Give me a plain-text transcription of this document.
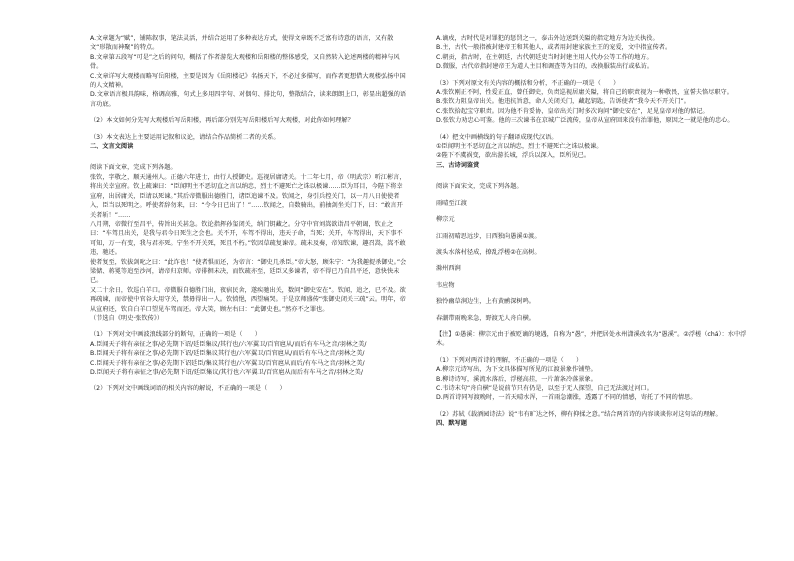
A.文章题为“赋”，铺陈叙事，笔法灵活，并结合运用了多种表达方式，使得文章既不乏富有诗意的语言，又有散文“形散而神聚”的特点。

B.文章第五段写“可是”之后的问句，概括了作者游览大观楼和岳阳楼的整体感受，又自然转入论述两楼的精神与风骨。

C.文章详写大观楼而略写岳阳楼，主要是因为《岳阳楼记》名扬天下，不必过多描写，而作者更想借大观楼弘扬中国的人文精神。

D.文章语言极具韵味，格调高雅，句式上多用四字句、对偶句、排比句，整散结合，读来朗朗上口，彰显出超强的语言功底。

（2）本文如何分先写大观楼后写岳阳楼，再后部分别先写岳阳楼后写大观楼，对此你如何理解？

（3）本文表达上主要运用记叙和议论，请结合作品简析二者的关系。

二、文言文阅读

阅读下面文章，完成下列各题。

张钦，字敬之，顺天通州人。正德六年进士，由行人授御史。巡视居庸诸关。十二年七月，帝（明武宗）听江彬言，将出关幸宣府。钦上疏谏曰：“臣闻明主不恶切直之言以纳忠，烈士不避死亡之诛以极谏……臣为耳目，今陛下将幸宣府，出居庸关，臣请以死谏。”其后帝微服出德胜门，诸臣追谏不及。钦闻之，身引兵控关门，以一月八日使使者入，臣当以死明之。呼使者辞勿来，曰：“令今日已出了！”……钦闻之，自数骑出，前抽剑坐关门下，曰：“敢言开关者斩！”……

八月朔，帝微行至昌平，传旨出关甚急。钦论指挥孙玺闭关，纳门钥藏之。分守中官刘嵩欲诣昌平朝谒，钦止之曰：“车驾且出关，是我与君今日死生之会也。关不开，车驾不得出，违天子命，当死；关开，车驾得出，天下事不可知，万一有变，我与君亦死。宁坐不开关死，死且不朽。”钦因草疏复谏帝。疏未及奏，帝知钦谏，趣召嵩，嵩不敢违，驰还。

使者复至，钦拔剑叱之曰：“此诈也！”使者惧而还，为帝言：“御史几杀臣。”帝大怒，顾朱宁：“为我趣捉杀御史。”会梁储、蒋冕等追至沙河，请帝归京师。帝徘徊未决，而钦疏亦至，廷臣又多谏者，帝不得已乃自昌平还，意快快未已。

又二十余日，钦巡白羊口。帝微服自德胜门出，夜宿民舍，遂疾驰出关，数问“御史安在”。钦闻，追之，已不及。欲再疏谏，而帝使中官谷大用守关，禁毋得出一人。钦愤悒，西望痛哭。于是京师盛传“张御史闭关三疏”云。明年，帝从宣府还，钦自白羊口望见车驾而还。帝大笑，顾左右曰：“此御史也。”然亦不之罪也。

（节选自《明史·张钦传》）

（1）下列对文中画波浪线部分的断句，正确的一项是（　　）

A.臣闻天子将有亲征之事/必先期下诏/廷臣集议/其行也/六军翼卫/百官扈从/而后有车马之音/羽林之美/

B.臣闻天子将有亲征之事/必先期下诏/廷臣集议其行也/六军翼卫/百官扈从/而后有车马之音/羽林之美/

C.臣闻天子将有亲征之事/必先期下诏廷臣/集议其行也/六军翼卫/百官扈从而后/有车马之音/羽林之美/

D.臣闻天子将有亲征之事/必先期下诏/廷臣集议/其行也六军翼卫/百官扈从而后有车马之音/羽林之美/

（2）下列对文中画线词语的相关内容的解说，不正确的一项是（　　）

A.谪戍，古时代是对罪犯的惩罚之一，泰击外边送到关隘的指定地方为边关执役。

B.主，古代一般指被封建帝王和其他人，或者用封建家族主王的宠爱，文中指宣传者。

C.朝贡，指古时，在主朝廷，古代朝廷吏当时封建主用人代办公等工作的地方。

D.微服，古代帝指封建帝王为道人主目和调查等为目的，改换服装出行或私访。

（3）下列对原文有关内容的概括和分析，不正确的一项是（　　）

A.张钦刚正不阿，性爱正直，曾任御史，负责巡视居庸关隘，将自己的职责视为一种敬畏，宣誓夫恪尽职守。

B.张钦力阻皇帝出关。他违抗旨意，命人关闭关门，藏起钥匙，告诉使者“我今天不开关门”。

C.张钦拾起宝守职责。因为他不肯妥协，皇帝出关门时多次询问“御史安在”，足见皇帝对他的惦记。

D.张钦力劝忠心可鉴。他的三次谏书在京城广泛流传，皇帝从宣府回来没有治罪他，原因之一就是他的忠心。

（4）把文中画横线的句子翻译成现代汉语。

①臣闻明主不恶切直之言以纳忠，烈士不避死亡之诛以极谏。

②陛下不虞祸变，欲出游长城，浮兵以深入，臣所见已。

三、古诗词鉴赏

阅读下面宋文，完成下列各题。

雨晴至江渡

柳宗元

江雨初晴思远步，日西独向愚溪①渡。

渡头水落村径成，撩乱浮槎②在高树。

滁州西涧

韦应物

独怜幽草涧边生，上有黄鹂深树鸣。

春潮带雨晚来急，野渡无人舟自横。

【注】①愚溪：柳宗元由于被贬谪的境遇，自称为“愚”，并把居处永州潇溪改名为“愚溪”。②浮槎（chá）：水中浮木。

（1）下列对两首诗的理解，不正确的一项是（　　）

A.柳宗元诗写出，为下文具体描写所见的江渡景象作铺垫。

B.柳诗诗写，溪流水落后，浮槎高挂，一片萧条冷落景象。

C.韦诗末句“舟自横”是说前节只有仍是，以至于无人探望，自己无法渡过河口。

D.两首诗同写渡晚时，一首天晴水浑，一首雨急潮涨，透露了不同的情感，寄托了不同的情思。

（2）苏轼《载酒园诗法》说“韦有旷达之怀，柳有抑揉之意。”结合两首诗的内容谈谈你对这句话的理解。

四、默写题
